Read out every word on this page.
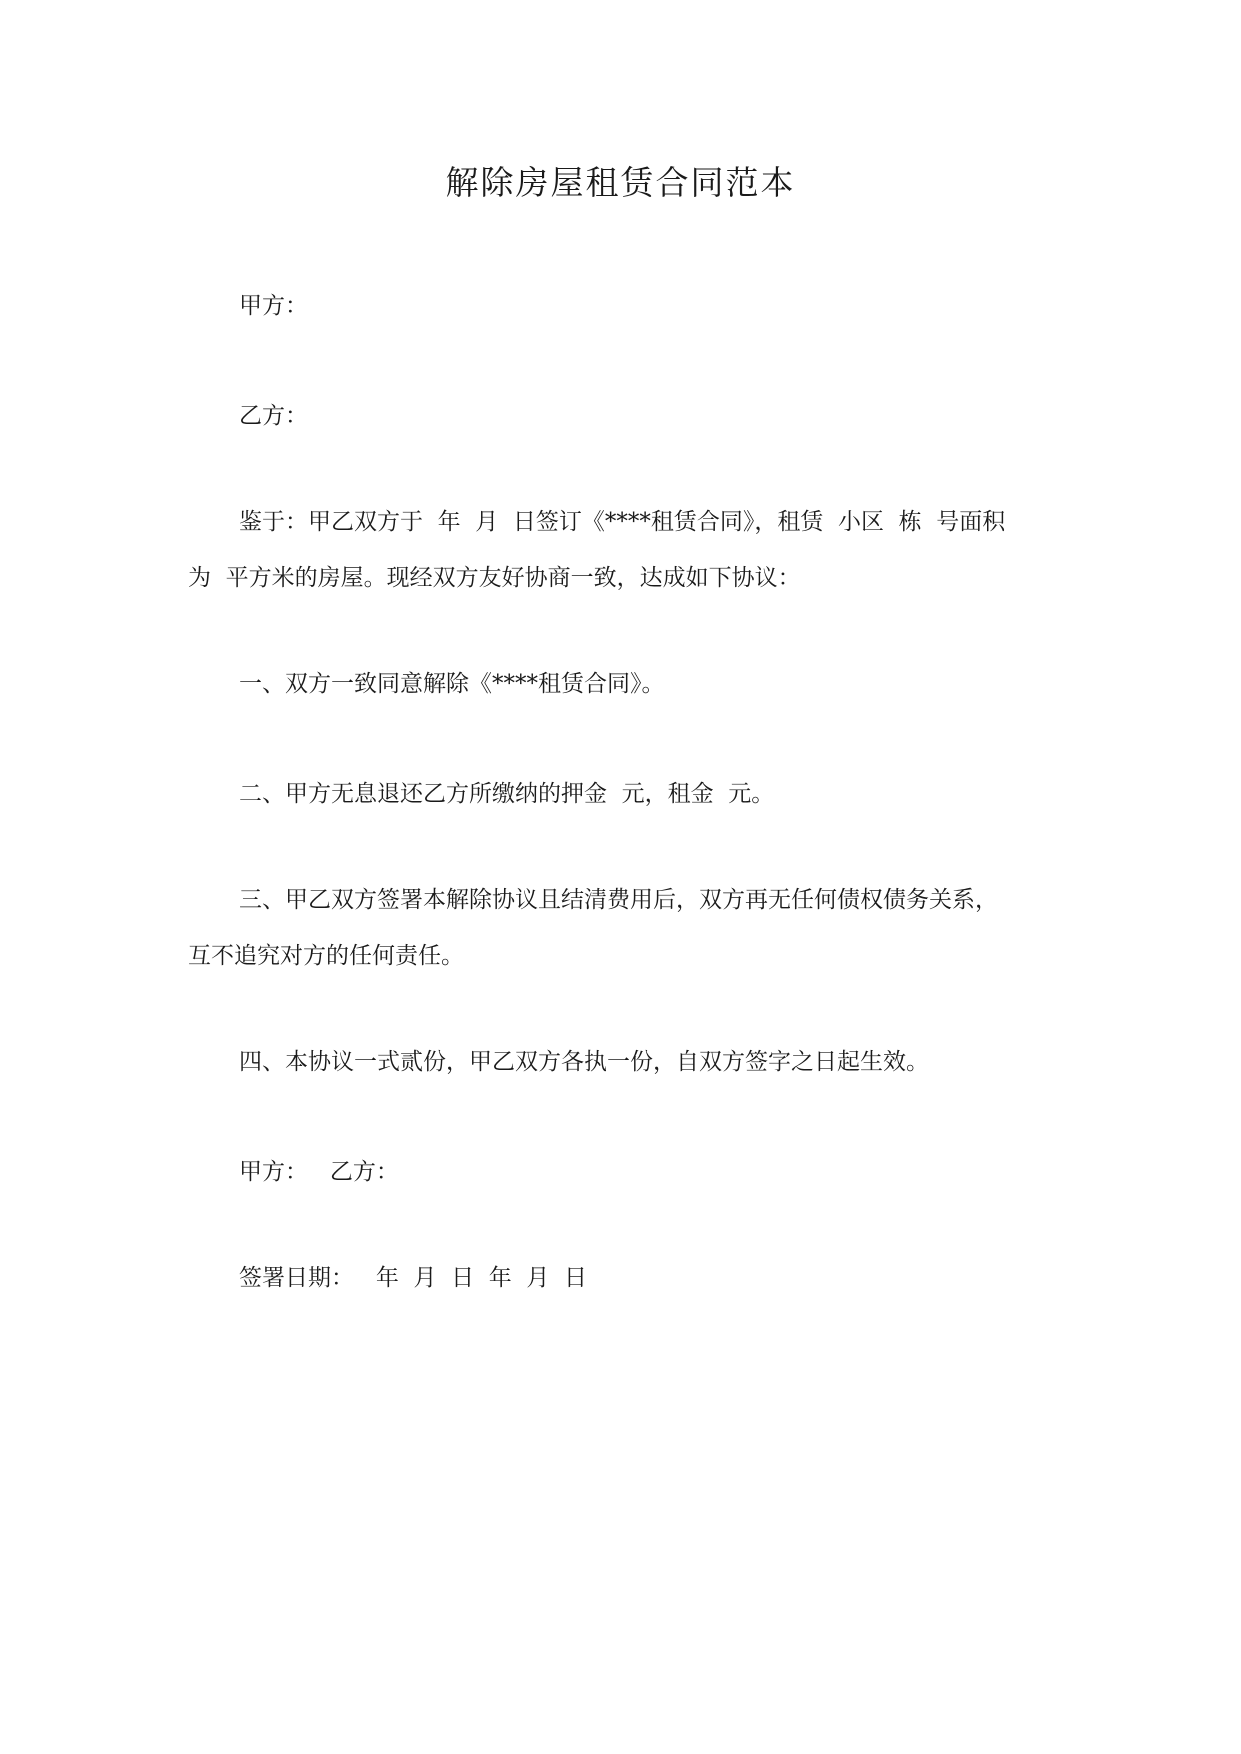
解除房屋租赁合同范本
甲方：
乙方：
鉴于：甲乙双方于  年  月  日签订《****租赁合同》，租赁  小区  栋  号面积
为  平方米的房屋。现经双方友好协商一致，达成如下协议：
一、双方一致同意解除《****租赁合同》。
二、甲方无息退还乙方所缴纳的押金  元，租金  元。
三、甲乙双方签署本解除协议且结清费用后，双方再无任何债权债务关系，
互不追究对方的任何责任。
四、本协议一式贰份，甲乙双方各执一份，自双方签字之日起生效。
甲方：   乙方：
签署日期：   年  月  日  年  月  日
